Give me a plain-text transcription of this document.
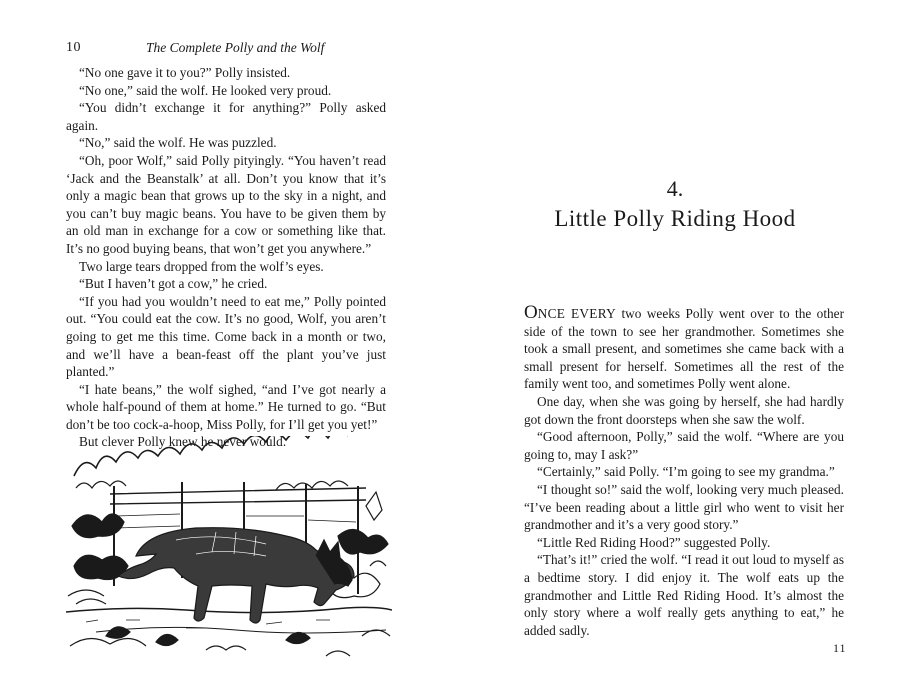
10	The Complete Polly and the Wolf

“No one gave it to you?” Polly insisted.

“No one,” said the wolf. He looked very proud.

“You didn’t exchange it for anything?” Polly asked again.

“No,” said the wolf. He was puzzled.

“Oh, poor Wolf,” said Polly pityingly. “You haven’t read ‘Jack and the Beanstalk’ at all. Don’t you know that it’s only a magic bean that grows up to the sky in a night, and you can’t buy magic beans. You have to be given them by an old man in exchange for a cow or something like that. It’s no good buying beans, that won’t get you anywhere.”

Two large tears dropped from the wolf’s eyes.

“But I haven’t got a cow,” he cried.

“If you had you wouldn’t need to eat me,” Polly pointed out. “You could eat the cow. It’s no good, Wolf, you aren’t going to get me this time. Come back in a month or two, and we’ll have a bean-feast off the plant you’ve just planted.”

“I hate beans,” the wolf sighed, “and I’ve got nearly a whole half-pound of them at home.” He turned to go. “But don’t be too cock-a-hoop, Miss Polly, for I’ll get you yet!”

But clever Polly knew he never would.

4.
Little Polly Riding Hood

ONCE EVERY two weeks Polly went over to the other side of the town to see her grandmother. Sometimes she took a small present, and sometimes she came back with a small present for herself. Sometimes all the rest of the family went too, and sometimes Polly went alone.

One day, when she was going by herself, she had hardly got down the front doorsteps when she saw the wolf.

“Good afternoon, Polly,” said the wolf. “Where are you going to, may I ask?”

“Certainly,” said Polly. “I’m going to see my grandma.”

“I thought so!” said the wolf, looking very much pleased. “I’ve been reading about a little girl who went to visit her grandmother and it’s a very good story.”

“Little Red Riding Hood?” suggested Polly.

“That’s it!” cried the wolf. “I read it out loud to myself as a bedtime story. I did enjoy it. The wolf eats up the grandmother and Little Red Riding Hood. It’s almost the only story where a wolf really gets anything to eat,” he added sadly.

11
